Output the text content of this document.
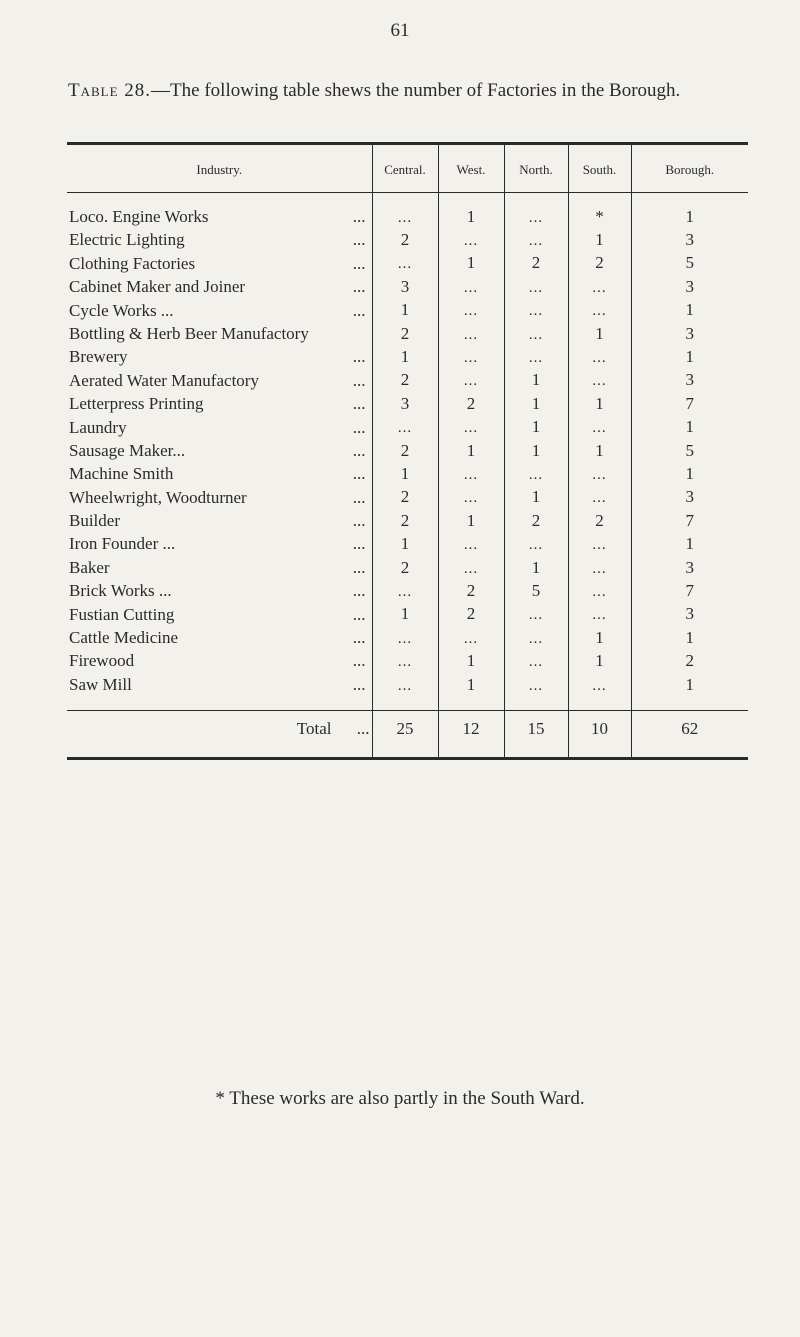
61
Table 28.—The following table shews the number of Factories in the Borough.
Industry.	Central.	West.	North.	South.	Borough.

Loco. Engine Works ...	...	1	...	*	1

Electric Lighting ...	2	...	...	1	3

Clothing Factories ...	...	1	2	2	5

Cabinet Maker and Joiner ...	3	...	...	...	3

Cycle Works ... ...	1	...	...	...	1

Bottling & Herb Beer Manufactory	2	...	...	1	3

Brewery ...	1	...	...	...	1

Aerated Water Manufactory ...	2	...	1	...	3

Letterpress Printing ...	3	2	1	1	7

Laundry ...	...	...	1	...	1

Sausage Maker... ...	2	1	1	1	5

Machine Smith ...	1	...	...	...	1

Wheelwright, Woodturner ...	2	...	1	...	3

Builder ...	2	1	2	2	7

Iron Founder ... ...	1	...	...	...	1

Baker ...	2	...	1	...	3

Brick Works ... ...	...	2	5	...	7

Fustian Cutting ...	1	2	...	...	3

Cattle Medicine ...	...	...	...	1	1

Firewood ...	...	1	...	1	2

Saw Mill ...	...	1	...	...	1

Total ...	25	12	15	10	62

* These works are also partly in the South Ward.
